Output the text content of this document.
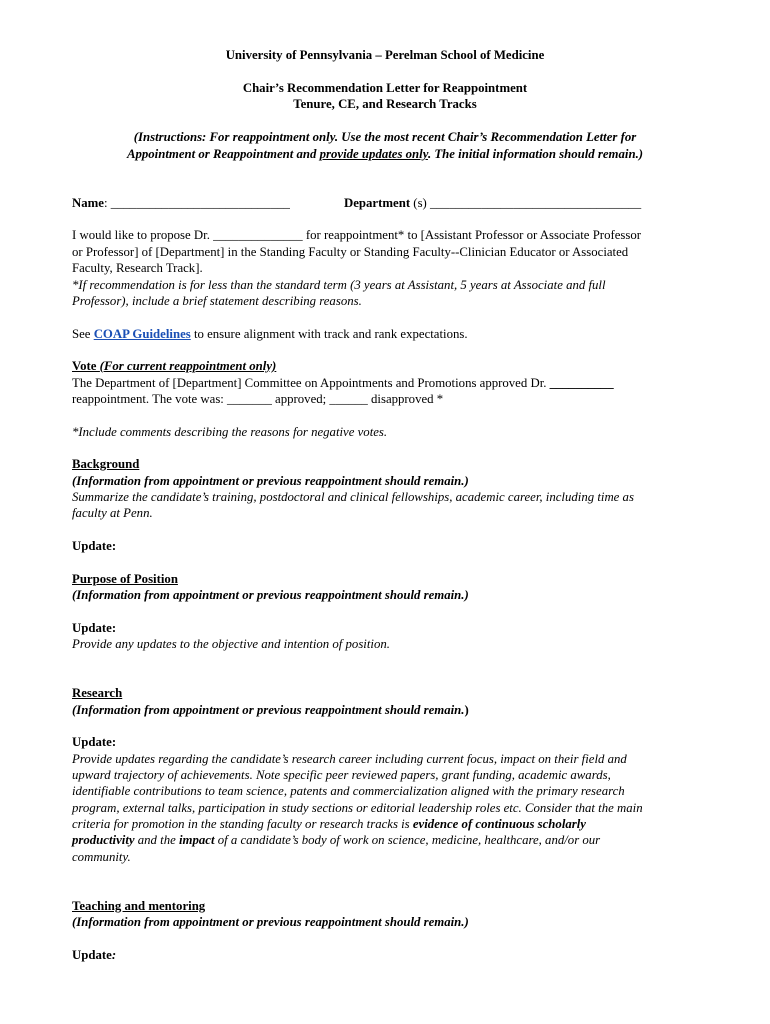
University of Pennsylvania – Perelman School of Medicine
Chair’s Recommendation Letter for Reappointment
Tenure, CE, and Research Tracks
(Instructions: For reappointment only. Use the most recent Chair’s Recommendation Letter for
Appointment or Reappointment and provide updates only. The initial information should remain.)
Name: ____________________________	Department (s) _________________________________
I would like to propose Dr. ______________ for reappointment* to [Assistant Professor or Associate Professor
or Professor] of [Department] in the Standing Faculty or Standing Faculty--Clinician Educator or Associated
Faculty, Research Track].
*If recommendation is for less than the standard term (3 years at Assistant, 5 years at Associate and full
Professor), include a brief statement describing reasons.
See COAP Guidelines to ensure alignment with track and rank expectations.
Vote (For current reappointment only)
The Department of [Department] Committee on Appointments and Promotions approved Dr. __________
reappointment. The vote was: _______ approved; ______ disapproved *
*Include comments describing the reasons for negative votes.
Background
(Information from appointment or previous reappointment should remain.)
Summarize the candidate’s training, postdoctoral and clinical fellowships, academic career, including time as
faculty at Penn.
Update:
Purpose of Position
(Information from appointment or previous reappointment should remain.)
Update:
Provide any updates to the objective and intention of position.
Research
(Information from appointment or previous reappointment should remain.)
Update:
Provide updates regarding the candidate’s research career including current focus, impact on their field and
upward trajectory of achievements. Note specific peer reviewed papers, grant funding, academic awards,
identifiable contributions to team science, patents and commercialization aligned with the primary research
program, external talks, participation in study sections or editorial leadership roles etc. Consider that the main
criteria for promotion in the standing faculty or research tracks is evidence of continuous scholarly
productivity and the impact of a candidate’s body of work on science, medicine, healthcare, and/or our
community.
Teaching and mentoring
(Information from appointment or previous reappointment should remain.)
Update:
